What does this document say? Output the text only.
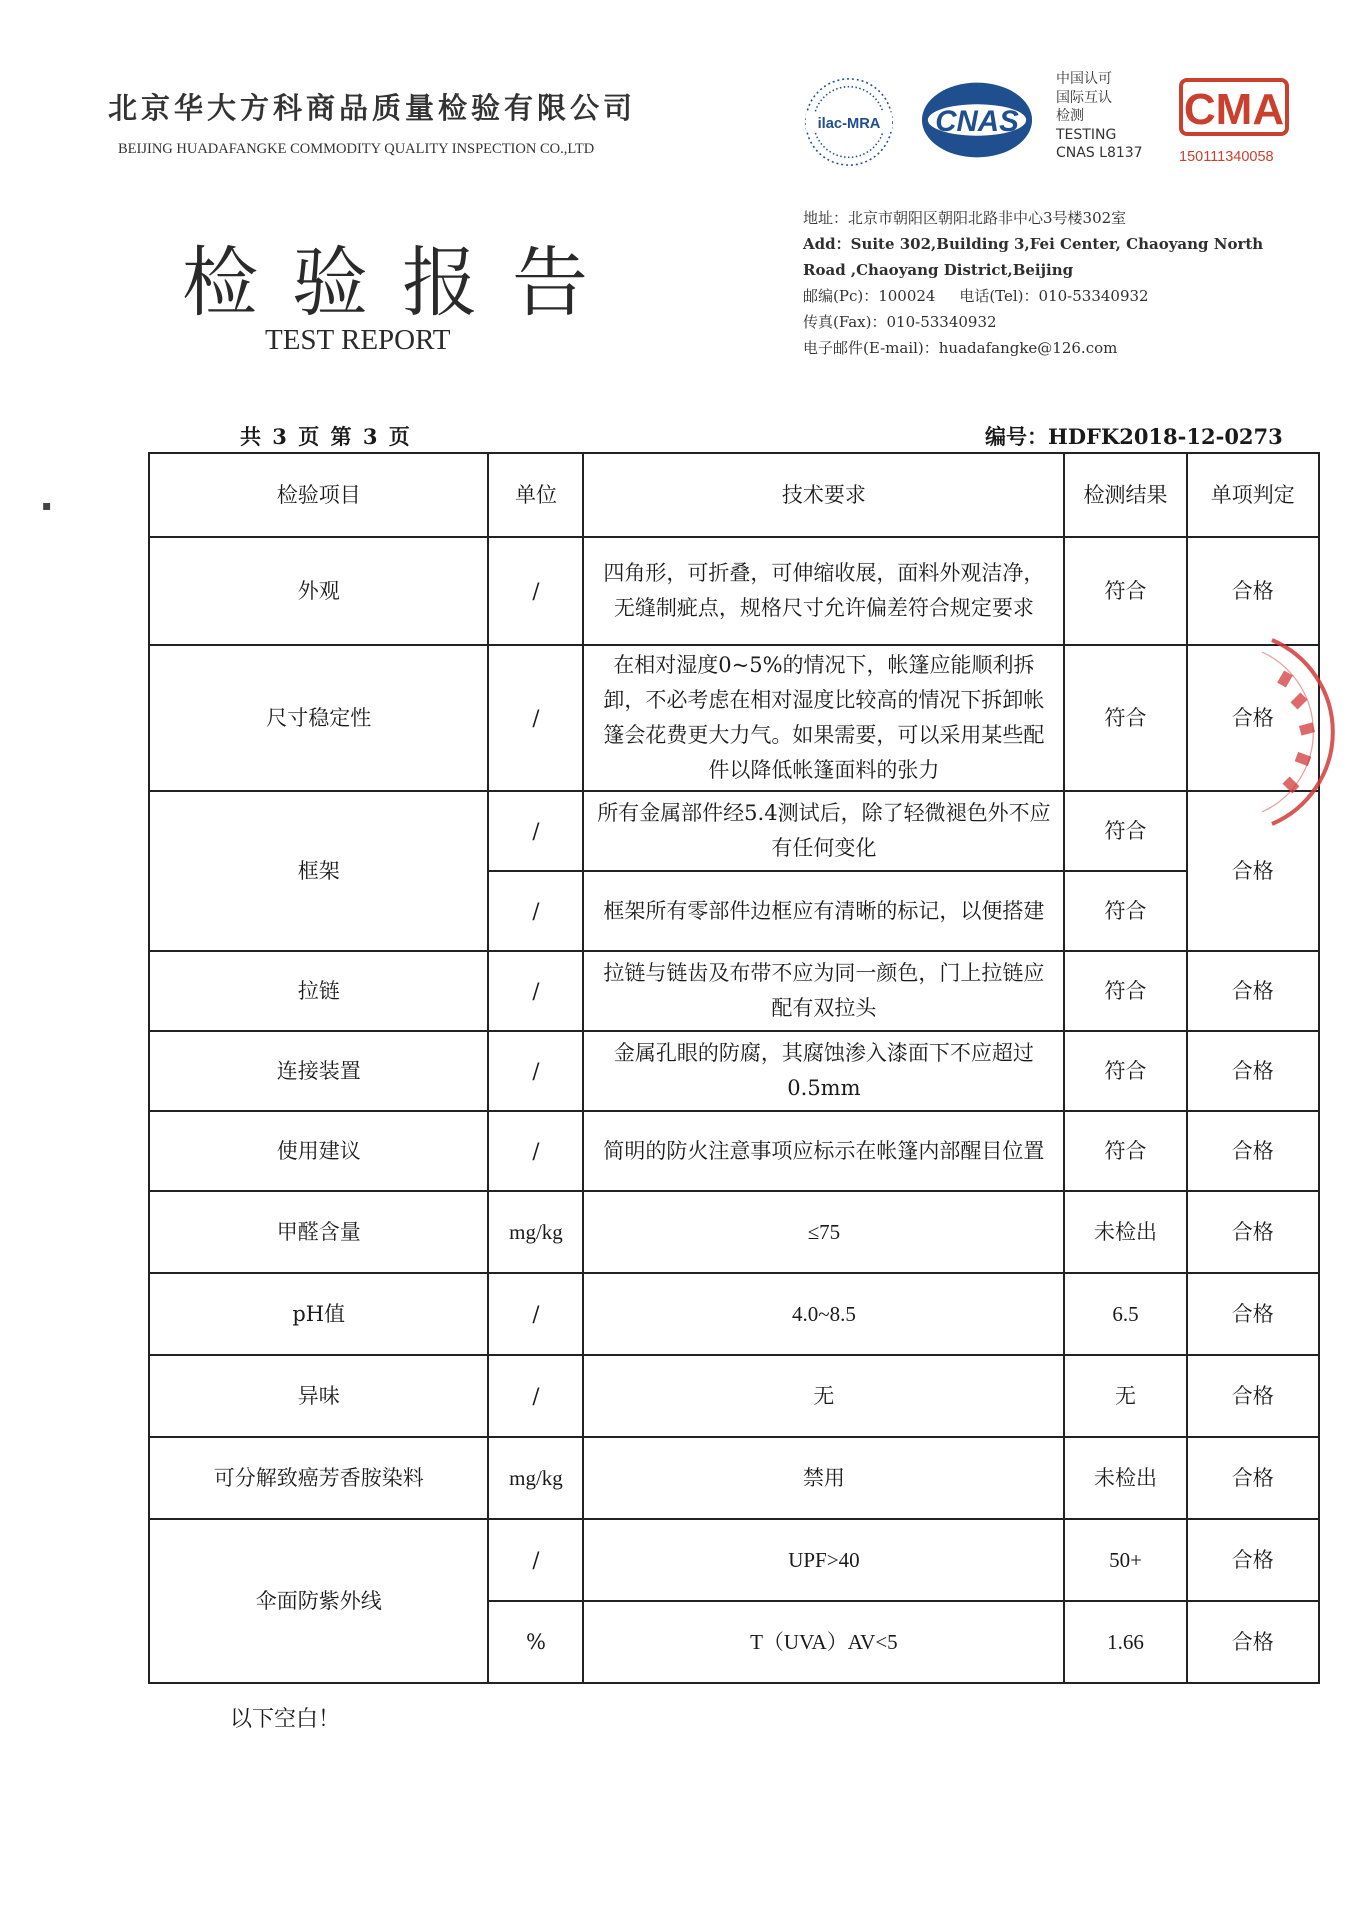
北京华大方科商品质量检验有限公司
BEIJING HUADAFANGKE COMMODITY QUALITY INSPECTION CO.,LTD
检验报告
TEST REPORT
ilac-MRA CNAS
中国认可
国际互认
检测
TESTING
CNAS L8137
CMA
150111340058
地址：北京市朝阳区朝阳北路非中心3号楼302室
Add：Suite 302,Building 3,Fei Center, Chaoyang North
Road ,Chaoyang District,Beijing
邮编(Pc)：100024 电话(Tel)：010-53340932
传真(Fax)：010-53340932
电子邮件(E-mail)：huadafangke@126.com
▪
共 3 页 第 3 页	编号：HDFK2018-12-0273
检验项目	单位	技术要求	检测结果	单项判定
外观	/	四角形，可折叠，可伸缩收展，面料外观洁净，无缝制疵点，规格尺寸允许偏差符合规定要求	符合	合格
尺寸稳定性	/	在相对湿度0~5%的情况下，帐篷应能顺利拆卸，不必考虑在相对湿度比较高的情况下拆卸帐篷会花费更大力气。如果需要，可以采用某些配件以降低帐篷面料的张力	符合	合格
框架	/	所有金属部件经5.4测试后，除了轻微褪色外不应有任何变化	符合	合格
	/	框架所有零部件边框应有清晰的标记，以便搭建	符合	
拉链	/	拉链与链齿及布带不应为同一颜色，门上拉链应配有双拉头	符合	合格
连接装置	/	金属孔眼的防腐，其腐蚀渗入漆面下不应超过0.5mm	符合	合格
使用建议	/	简明的防火注意事项应标示在帐篷内部醒目位置	符合	合格
甲醛含量	mg/kg	≤75	未检出	合格
pH值	/	4.0~8.5	6.5	合格
异味	/	无	无	合格
可分解致癌芳香胺染料	mg/kg	禁用	未检出	合格
伞面防紫外线	/	UPF>40	50+	合格
	%	T（UVA）AV<5	1.66	合格
以下空白！
